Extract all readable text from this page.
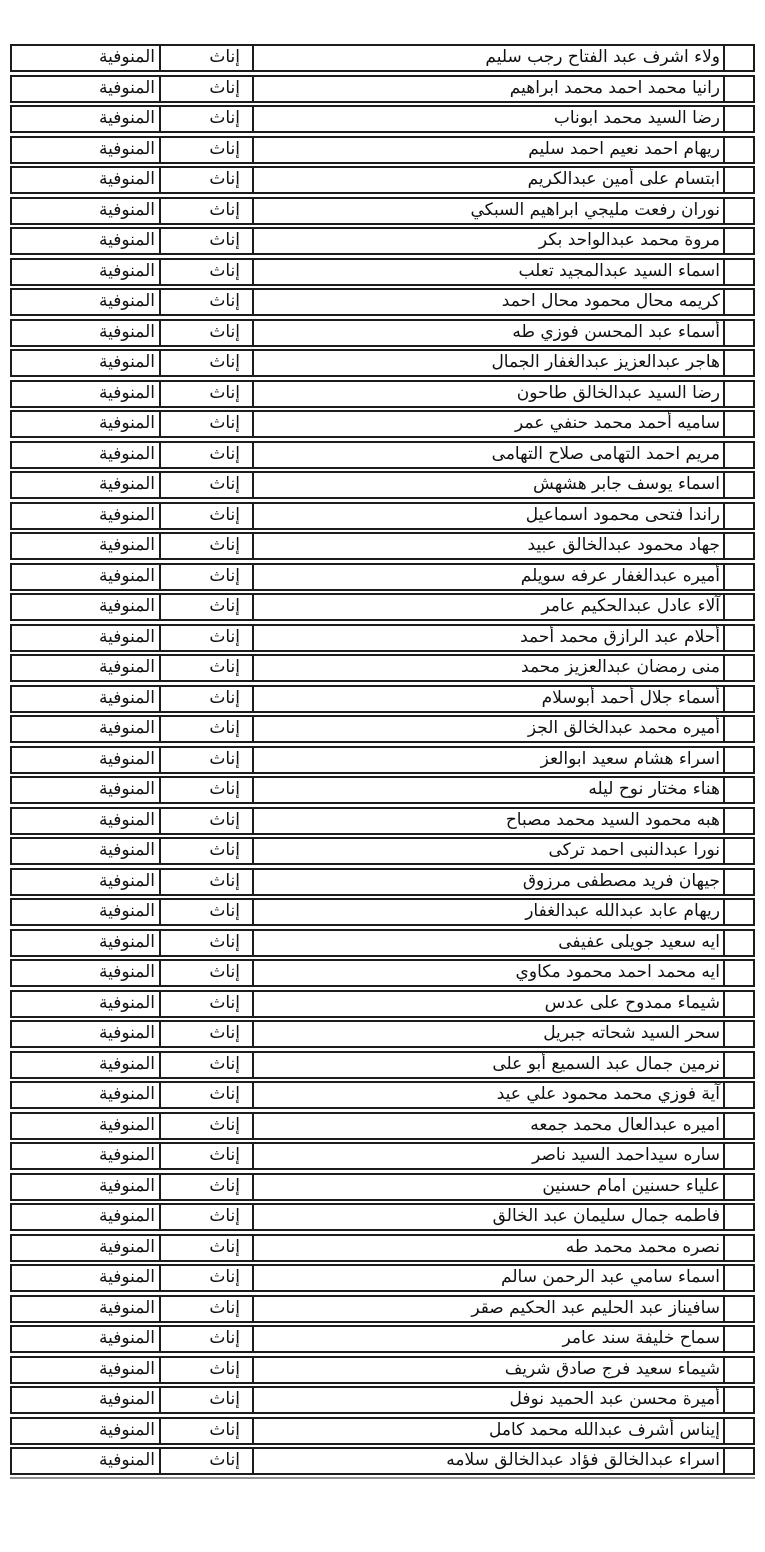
ولاء اشرف عبد الفتاح رجب سليم
إناث
المنوفية
رانيا محمد احمد محمد ابراهيم
إناث
المنوفية
رضا السيد محمد ابوناب
إناث
المنوفية
ريهام احمد نعيم احمد سليم
إناث
المنوفية
ابتسام على أمين عبدالكريم
إناث
المنوفية
نوران رفعت مليجي ابراهيم السبكي
إناث
المنوفية
مروة محمد عبدالواحد بكر
إناث
المنوفية
اسماء السيد عبدالمجيد تعلب
إناث
المنوفية
كريمه محال محمود محال احمد
إناث
المنوفية
أسماء عبد المحسن فوزي طه
إناث
المنوفية
هاجر عبدالعزيز عبدالغفار الجمال
إناث
المنوفية
رضا السيد عبدالخالق طاحون
إناث
المنوفية
ساميه أحمد محمد حنفي عمر
إناث
المنوفية
مريم احمد التهامى صلاح التهامى
إناث
المنوفية
اسماء يوسف جابر هشهش
إناث
المنوفية
راندا فتحى محمود اسماعيل
إناث
المنوفية
جهاد محمود عبدالخالق عبيد
إناث
المنوفية
أميره عبدالغفار عرفه سويلم
إناث
المنوفية
آلاء عادل عبدالحكيم عامر
إناث
المنوفية
أحلام عبد الرازق محمد أحمد
إناث
المنوفية
منى رمضان عبدالعزيز محمد
إناث
المنوفية
أسماء جلال أحمد أبوسلام
إناث
المنوفية
أميره محمد عبدالخالق الجز
إناث
المنوفية
اسراء هشام سعيد ابوالعز
إناث
المنوفية
هناء مختار نوح ليله
إناث
المنوفية
هبه محمود السيد محمد مصباح
إناث
المنوفية
نورا عبدالنبى احمد تركى
إناث
المنوفية
جيهان فريد مصطفى مرزوق
إناث
المنوفية
ريهام عابد عبدالله عبدالغفار
إناث
المنوفية
ايه سعيد جويلى عفيفى
إناث
المنوفية
ايه محمد احمد محمود مكاوي
إناث
المنوفية
شيماء ممدوح على عدس
إناث
المنوفية
سحر السيد شحاته جبريل
إناث
المنوفية
نرمين جمال عبد السميع أبو على
إناث
المنوفية
آية فوزي محمد محمود علي عيد
إناث
المنوفية
اميره عبدالعال محمد جمعه
إناث
المنوفية
ساره سيداحمد السيد ناصر
إناث
المنوفية
علياء حسنين امام حسنين
إناث
المنوفية
فاطمه جمال سليمان عبد الخالق
إناث
المنوفية
نصره محمد محمد طه
إناث
المنوفية
اسماء سامي عبد الرحمن سالم
إناث
المنوفية
سافيناز عبد الحليم عبد الحكيم صقر
إناث
المنوفية
سماح خليفة سند عامر
إناث
المنوفية
شيماء سعيد فرج صادق شريف
إناث
المنوفية
أميرة محسن عبد الحميد نوفل
إناث
المنوفية
إيناس أشرف عبدالله محمد كامل
إناث
المنوفية
اسراء عبدالخالق فؤاد عبدالخالق سلامه
إناث
المنوفية
